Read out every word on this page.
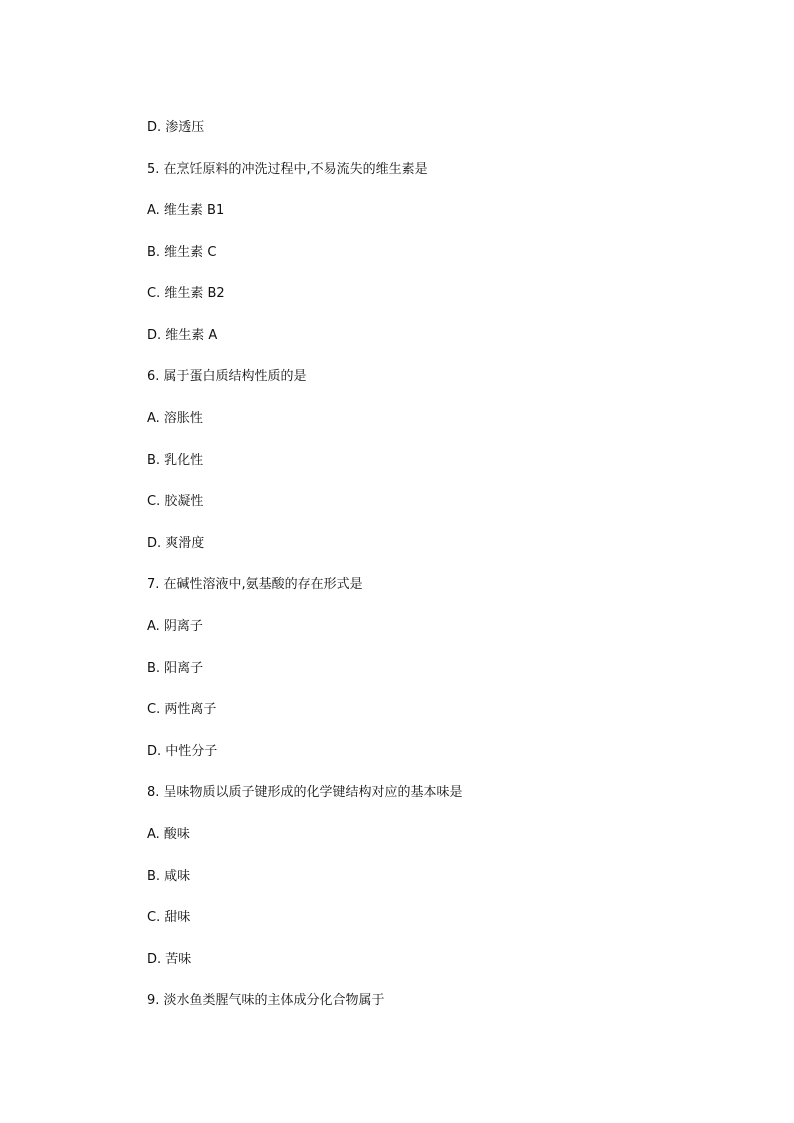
D. 渗透压
5. 在烹饪原料的冲洗过程中,不易流失的维生素是
A. 维生素 B1
B. 维生素 C
C. 维生素 B2
D. 维生素 A
6. 属于蛋白质结构性质的是
A. 溶胀性
B. 乳化性
C. 胶凝性
D. 爽滑度
7. 在碱性溶液中,氨基酸的存在形式是
A. 阴离子
B. 阳离子
C. 两性离子
D. 中性分子
8. 呈味物质以质子键形成的化学键结构对应的基本味是
A. 酸味
B. 咸味
C. 甜味
D. 苦味
9. 淡水鱼类腥气味的主体成分化合物属于
